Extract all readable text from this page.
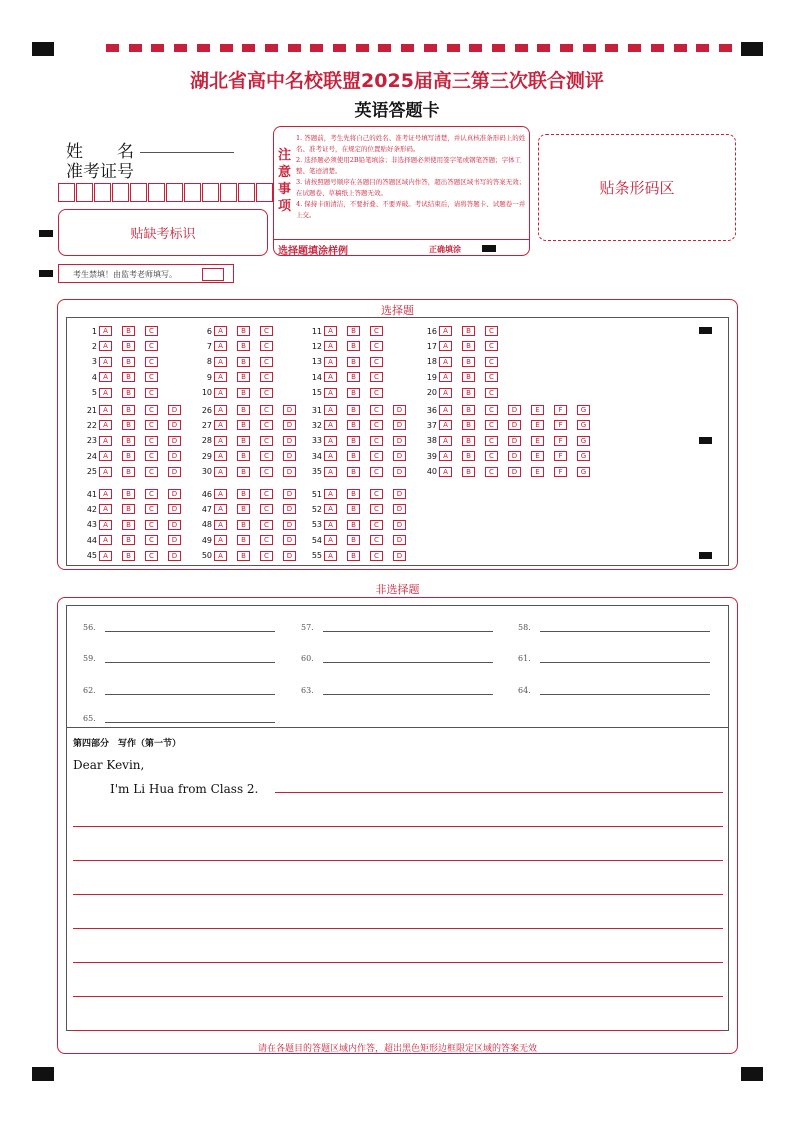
湖北省高中名校联盟2025届高三第三次联合测评
英语答题卡
姓　　名
准考证号
贴缺考标识
考生禁填！由监考老师填写。
注意事项
1. 答题前，考生先将自己的姓名、准考证号填写清楚，并认真核准条形码上的姓名、准考证号，在规定的位置贴好条形码。
2. 选择题必须使用2B铅笔填涂；非选择题必须使用签字笔或钢笔答题；字体工整、笔迹清楚。
3. 请按照题号顺序在各题目的答题区域内作答，超出答题区域书写的答案无效；在试题卷、草稿纸上答题无效。
4. 保持卡面清洁，不要折叠、不要弄破。考试结束后，请将答题卡、试题卷一并上交。
选择题填涂样例	正确填涂
贴条形码区
选择题
1 A	B	C
2 A	B	C
3 A	B	C
4 A	B	C
5 A	B	C
6 A	B	C
7 A	B	C
8 A	B	C
9 A	B	C
10 A	B	C
11 A	B	C
12 A	B	C
13 A	B	C
14 A	B	C
15 A	B	C
16 A	B	C
17 A	B	C
18 A	B	C
19 A	B	C
20 A	B	C
21 A	B	C	D
22 A	B	C	D
23 A	B	C	D
24 A	B	C	D
25 A	B	C	D
26 A	B	C	D
27 A	B	C	D
28 A	B	C	D
29 A	B	C	D
30 A	B	C	D
31 A	B	C	D
32 A	B	C	D
33 A	B	C	D
34 A	B	C	D
35 A	B	C	D
36 A	B	C	D	E	F	G
37 A	B	C	D	E	F	G
38 A	B	C	D	E	F	G
39 A	B	C	D	E	F	G
40 A	B	C	D	E	F	G
41 A	B	C	D
42 A	B	C	D
43 A	B	C	D
44 A	B	C	D
45 A	B	C	D
46 A	B	C	D
47 A	B	C	D
48 A	B	C	D
49 A	B	C	D
50 A	B	C	D
51 A	B	C	D
52 A	B	C	D
53 A	B	C	D
54 A	B	C	D
55 A	B	C	D
非选择题
56.	57.	58.
59.	60.	61.
62.	63.	64.
65.
第四部分　写作（第一节）
Dear Kevin,
I'm Li Hua from Class 2.
请在各题目的答题区域内作答，超出黑色矩形边框限定区域的答案无效
